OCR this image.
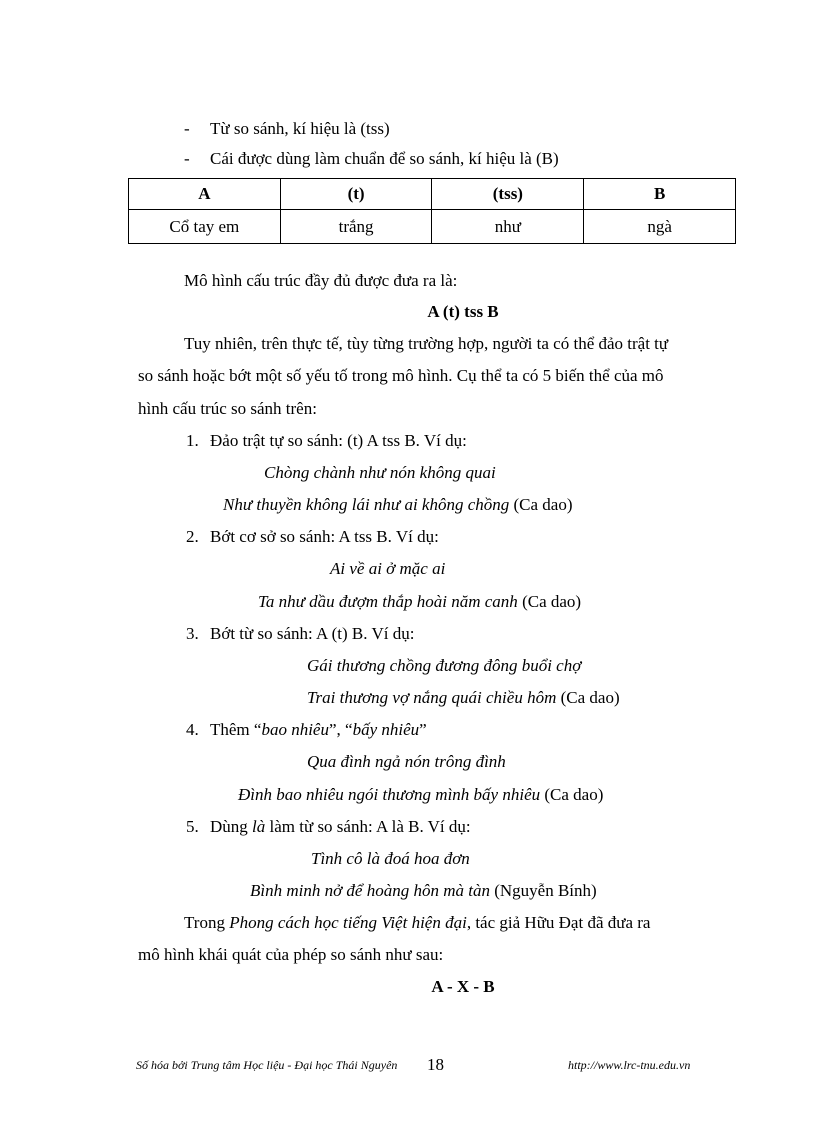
- Từ so sánh, kí hiệu là (tss)
- Cái được dùng làm chuẩn để so sánh, kí hiệu là (B)
A	(t)	(tss)	B
Cổ tay em	trắng	như	ngà
Mô hình cấu trúc đầy đủ được đưa ra là:
A (t) tss B
Tuy nhiên, trên thực tế, tùy từng trường hợp, người ta có thể đảo trật tự
so sánh hoặc bớt một số yếu tố trong mô hình. Cụ thể ta có 5 biến thể của mô
hình cấu trúc so sánh trên:
1. Đảo trật tự so sánh: (t) A tss B. Ví dụ:
Chòng chành như nón không quai
Như thuyền không lái như ai không chồng (Ca dao)
2. Bớt cơ sở so sánh: A tss B. Ví dụ:
Ai về ai ở mặc ai
Ta như dầu đượm thắp hoài năm canh (Ca dao)
3. Bớt từ so sánh: A (t) B. Ví dụ:
Gái thương chồng đương đông buổi chợ
Trai thương vợ nắng quái chiều hôm (Ca dao)
4. Thêm “bao nhiêu”, “bấy nhiêu”
Qua đình ngả nón trông đình
Đình bao nhiêu ngói thương mình bấy nhiêu (Ca dao)
5. Dùng là làm từ so sánh: A là B. Ví dụ:
Tình cô là đoá hoa đơn
Bình minh nở để hoàng hôn mà tàn (Nguyễn Bính)
Trong Phong cách học tiếng Việt hiện đại, tác giả Hữu Đạt đã đưa ra
mô hình khái quát của phép so sánh như sau:
A - X - B
Số hóa bởi Trung tâm Học liệu - Đại học Thái Nguyên 18	http://www.lrc-tnu.edu.vn
